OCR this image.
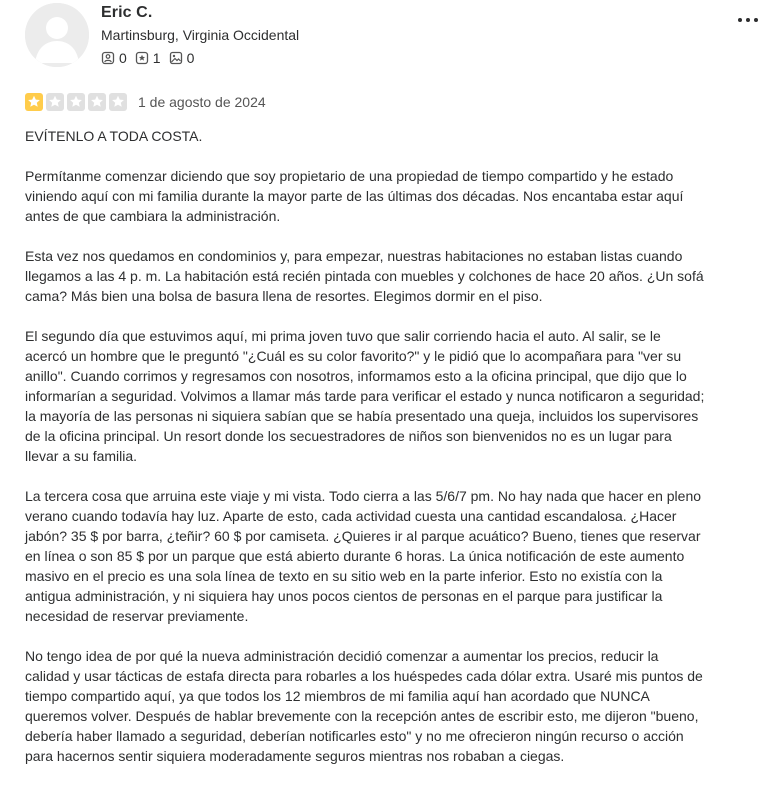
Eric C.
Martinsburg, Virginia Occidental
0 1 0
1 de agosto de 2024

EVÍTENLO A TODA COSTA.

Permítanme comenzar diciendo que soy propietario de una propiedad de tiempo compartido y he estado viniendo aquí con mi familia durante la mayor parte de las últimas dos décadas. Nos encantaba estar aquí antes de que cambiara la administración.

Esta vez nos quedamos en condominios y, para empezar, nuestras habitaciones no estaban listas cuando llegamos a las 4 p. m. La habitación está recién pintada con muebles y colchones de hace 20 años. ¿Un sofá cama? Más bien una bolsa de basura llena de resortes. Elegimos dormir en el piso.

El segundo día que estuvimos aquí, mi prima joven tuvo que salir corriendo hacia el auto. Al salir, se le acercó un hombre que le preguntó "¿Cuál es su color favorito?" y le pidió que lo acompañara para "ver su anillo". Cuando corrimos y regresamos con nosotros, informamos esto a la oficina principal, que dijo que lo informarían a seguridad. Volvimos a llamar más tarde para verificar el estado y nunca notificaron a seguridad; la mayoría de las personas ni siquiera sabían que se había presentado una queja, incluidos los supervisores de la oficina principal. Un resort donde los secuestradores de niños son bienvenidos no es un lugar para llevar a su familia.

La tercera cosa que arruina este viaje y mi vista. Todo cierra a las 5/6/7 pm. No hay nada que hacer en pleno verano cuando todavía hay luz. Aparte de esto, cada actividad cuesta una cantidad escandalosa. ¿Hacer jabón? 35 $ por barra, ¿teñir? 60 $ por camiseta. ¿Quieres ir al parque acuático? Bueno, tienes que reservar en línea o son 85 $ por un parque que está abierto durante 6 horas. La única notificación de este aumento masivo en el precio es una sola línea de texto en su sitio web en la parte inferior. Esto no existía con la antigua administración, y ni siquiera hay unos pocos cientos de personas en el parque para justificar la necesidad de reservar previamente.

No tengo idea de por qué la nueva administración decidió comenzar a aumentar los precios, reducir la calidad y usar tácticas de estafa directa para robarles a los huéspedes cada dólar extra. Usaré mis puntos de tiempo compartido aquí, ya que todos los 12 miembros de mi familia aquí han acordado que NUNCA queremos volver. Después de hablar brevemente con la recepción antes de escribir esto, me dijeron "bueno, debería haber llamado a seguridad, deberían notificarles esto" y no me ofrecieron ningún recurso o acción para hacernos sentir siquiera moderadamente seguros mientras nos robaban a ciegas.
